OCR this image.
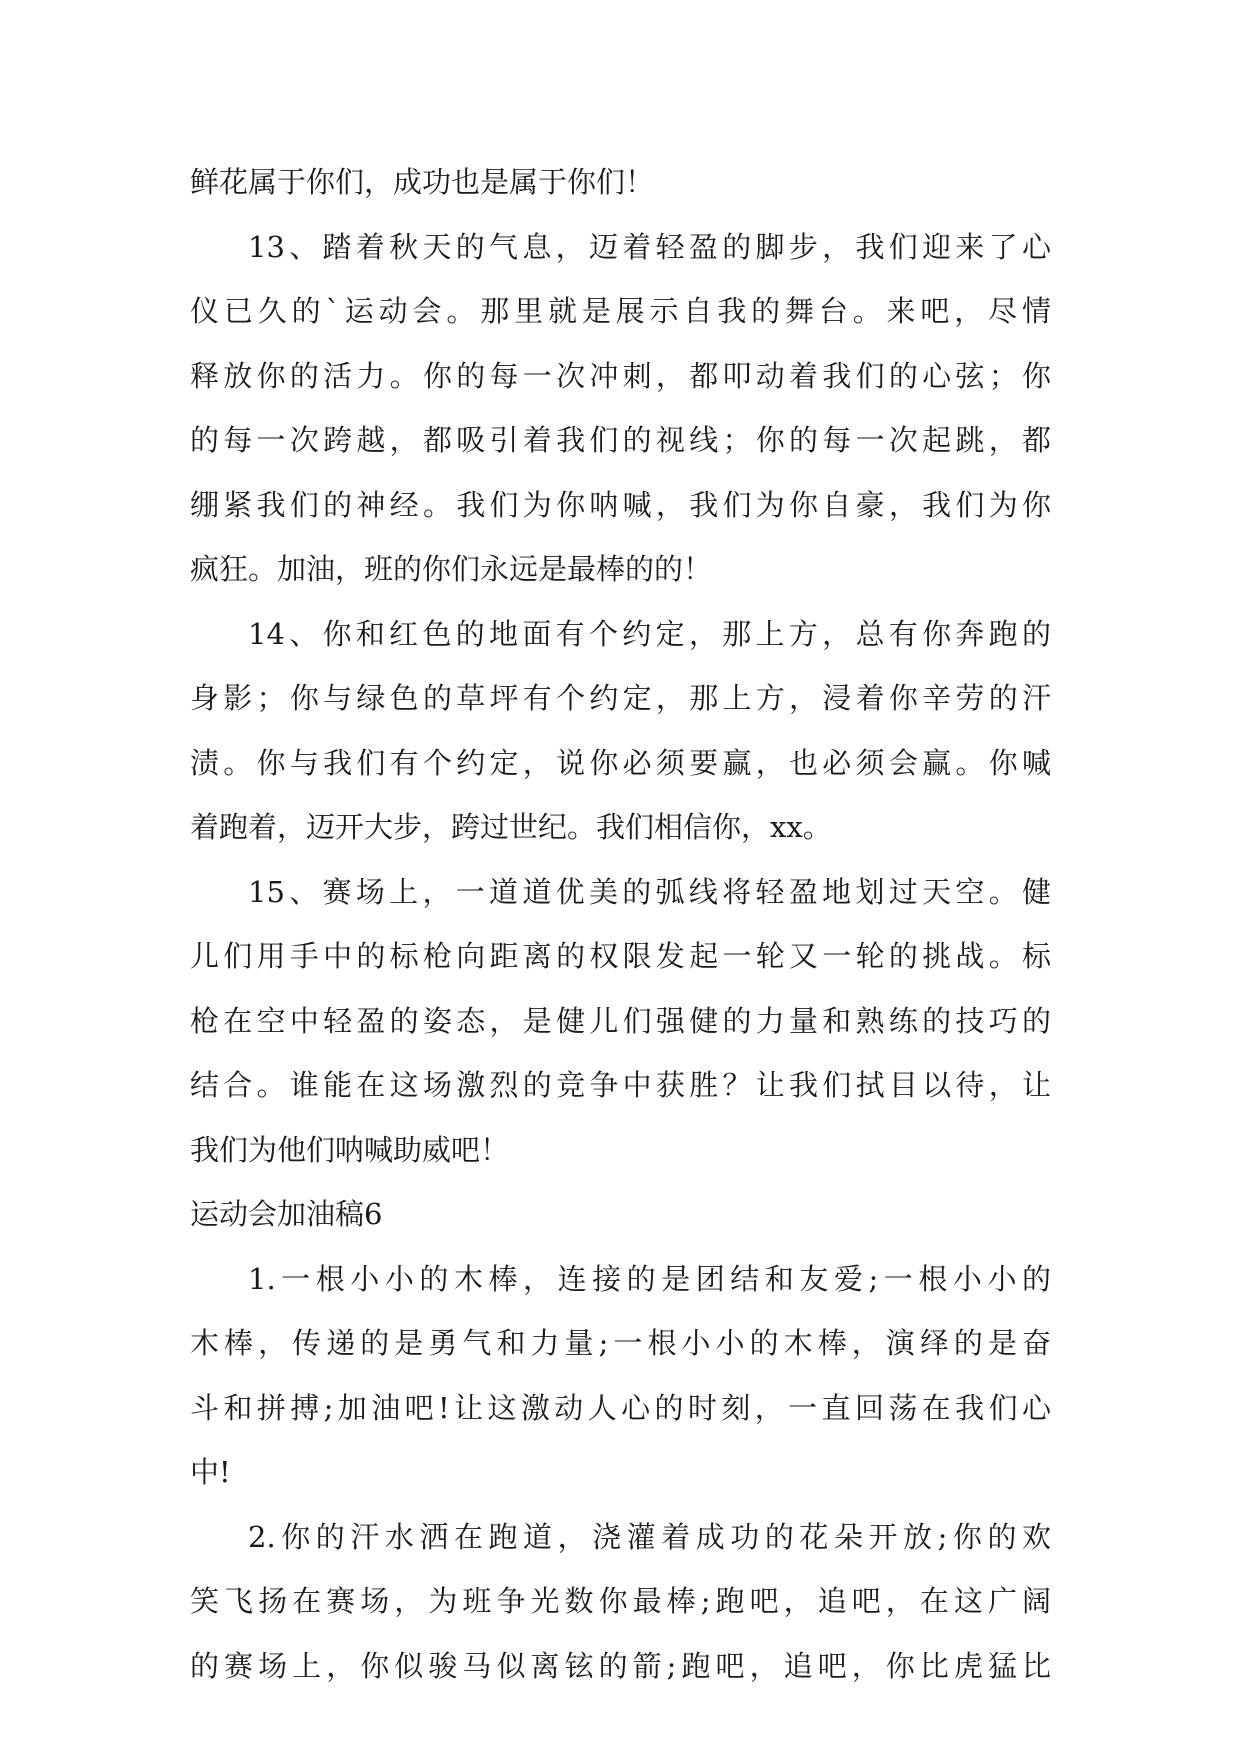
鲜花属于你们，成功也是属于你们！
13、踏着秋天的气息，迈着轻盈的脚步，我们迎来了心
仪已久的`运动会。那里就是展示自我的舞台。来吧，尽情
释放你的活力。你的每一次冲刺，都叩动着我们的心弦；你
的每一次跨越，都吸引着我们的视线；你的每一次起跳，都
绷紧我们的神经。我们为你呐喊，我们为你自豪，我们为你
疯狂。加油，班的你们永远是最棒的的！
14、你和红色的地面有个约定，那上方，总有你奔跑的
身影；你与绿色的草坪有个约定，那上方，浸着你辛劳的汗
渍。你与我们有个约定，说你必须要赢，也必须会赢。你喊
着跑着，迈开大步，跨过世纪。我们相信你，xx。
15、赛场上，一道道优美的弧线将轻盈地划过天空。健
儿们用手中的标枪向距离的权限发起一轮又一轮的挑战。标
枪在空中轻盈的姿态，是健儿们强健的力量和熟练的技巧的
结合。谁能在这场激烈的竞争中获胜？让我们拭目以待，让
我们为他们呐喊助威吧！
运动会加油稿6
1.一根小小的木棒，连接的是团结和友爱;一根小小的
木棒，传递的是勇气和力量;一根小小的木棒，演绎的是奋
斗和拼搏;加油吧!让这激动人心的时刻，一直回荡在我们心
中!
2.你的汗水洒在跑道，浇灌着成功的花朵开放;你的欢
笑飞扬在赛场，为班争光数你最棒;跑吧，追吧，在这广阔
的赛场上，你似骏马似离铉的箭;跑吧，追吧，你比虎猛比
